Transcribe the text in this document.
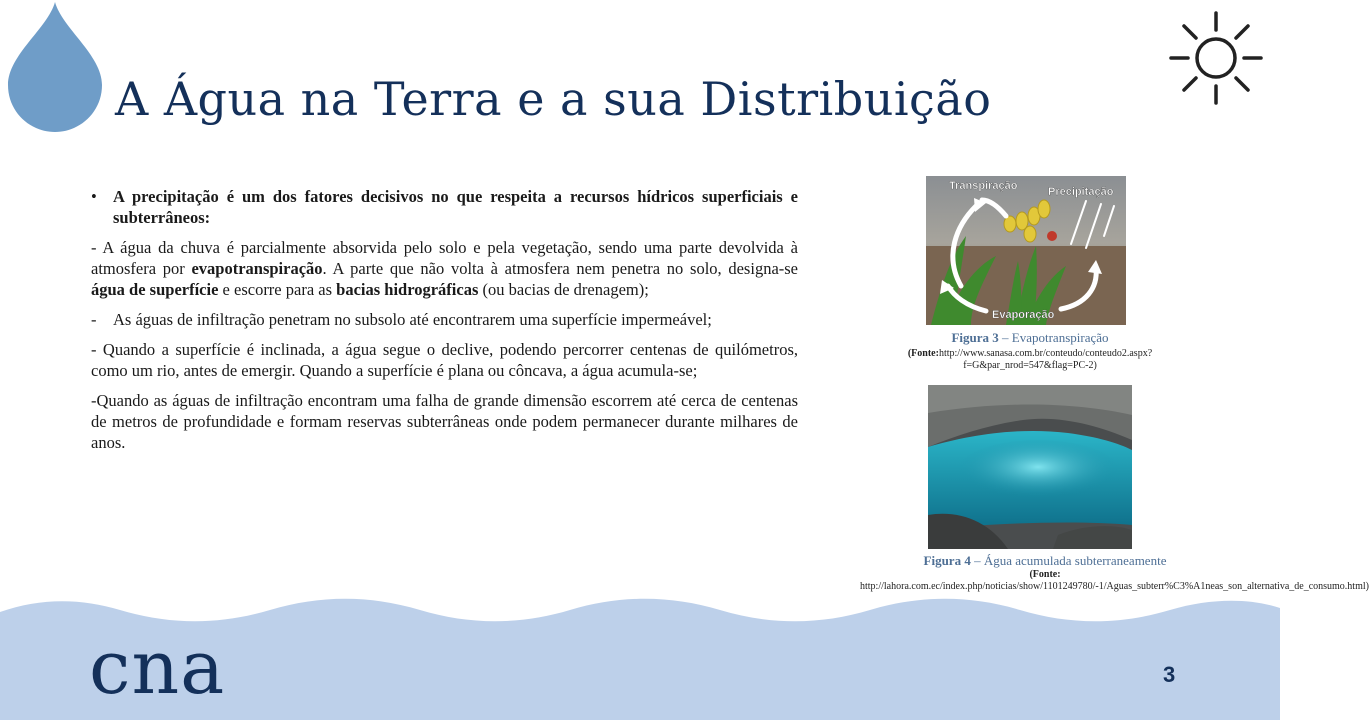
A Água na Terra e a sua Distribuição

• A precipitação é um dos fatores decisivos no que respeita a recursos hídricos superficiais e subterrâneos:

- A água da chuva é parcialmente absorvida pelo solo e pela vegetação, sendo uma parte devolvida à atmosfera por evapotranspiração. A parte que não volta à atmosfera nem penetra no solo, designa-se água de superfície e escorre para as bacias hidrográficas (ou bacias de drenagem);

- As águas de infiltração penetram no subsolo até encontrarem uma superfície impermeável;

- Quando a superfície é inclinada, a água segue o declive, podendo percorrer centenas de quilómetros, como um rio, antes de emergir. Quando a superfície é plana ou côncava, a água acumula-se;

-Quando as águas de infiltração encontram uma falha de grande dimensão escorrem até cerca de centenas de metros de profundidade e formam reservas subterrâneas onde podem permanecer durante milhares de anos.

Transpiração	Precipitação
Evaporação
Figura 3 – Evapotranspiração
(Fonte:http://www.sanasa.com.br/conteudo/conteudo2.aspx?f=G&par_nrod=547&flag=PC-2)
Figura 4 – Água acumulada subterraneamente
(Fonte: http://lahora.com.ec/index.php/noticias/show/1101249780/-1/Aguas_subterr%C3%A1neas_son_alternativa_de_consumo.html)
cna	3
